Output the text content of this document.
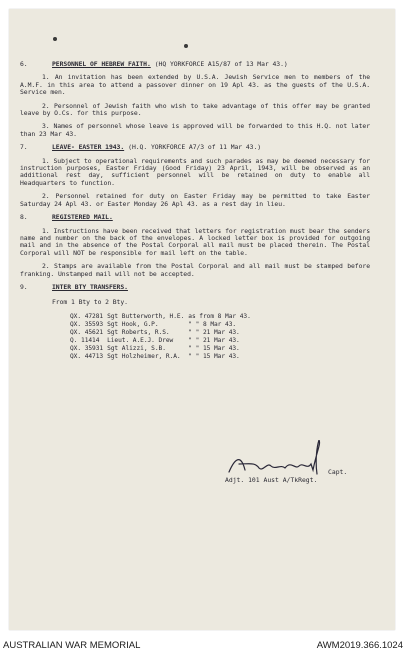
6.	PERSONNEL OF HEBREW FAITH. (HQ YORKFORCE A15/87 of 13 Mar 43.)
1. An invitation has been extended by U.S.A. Jewish Service men to members of the A.M.F. in this area to attend a passover dinner on 19 Apl 43. as the guests of the U.S.A. Service men.
2. Personnel of Jewish faith who wish to take advantage of this offer may be granted leave by O.Cs. for this purpose.
3. Names of personnel whose leave is approved will be forwarded to this H.Q. not later than 23 Mar 43.
7.	LEAVE- EASTER 1943. (H.Q. YORKFORCE A7/3 of 11 Mar 43.)
1. Subject to operational requirements and such parades as may be deemed necessary for instruction purposes, Easter Friday (Good Friday) 23 April, 1943, will be observed as an additional rest day, sufficient personnel will be retained on duty to enable all Headquarters to function.
2. Personnel retained for duty on Easter Friday may be permitted to take Easter Saturday 24 Apl 43. or Easter Monday 26 Apl 43. as a rest day in lieu.
8.	REGISTERED MAIL.
1. Instructions have been received that letters for registration must bear the senders name and number on the back of the envelopes. A locked letter box is provided for outgoing mail and in the absence of the Postal Corporal all mail must be placed therein. The Postal Corporal will NOT be responsible for mail left on the table.
2. Stamps are available from the Postal Corporal and all mail must be stamped before franking. Unstamped mail will not be accepted.
9.	INTER BTY TRANSFERS.
From 1 Bty to 2 Bty.
QX. 47281	Sgt Butterworth, H.E.	as from 8 Mar 43.
QX. 35593	Sgt Hook, G.P.	" " 8 Mar 43.
QX. 45621	Sgt Roberts, R.S.	" " 21 Mar 43.
Q. 11414	Lieut. A.E.J. Drew	" " 21 Mar 43.
QX. 35931	Sgt Alizzi, S.B.	" " 15 Mar 43.
QX. 44713	Sgt Holzheimer, R.A.	" " 15 Mar 43.
Capt.
Adjt. 101 Aust A/TkRegt.
AUSTRALIAN WAR MEMORIAL	AWM2019.366.1024
